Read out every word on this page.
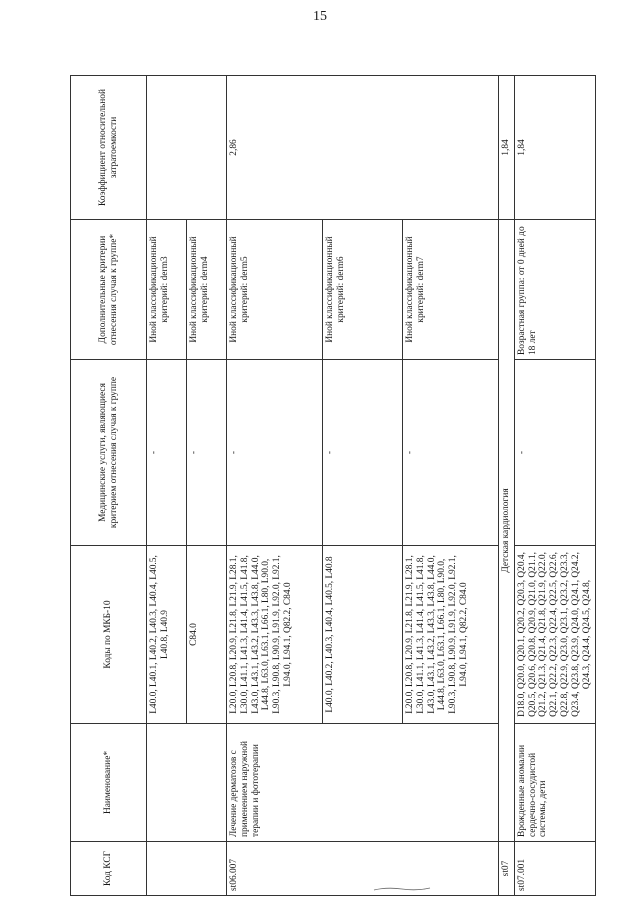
15
Код КСГ	Наименование*	Коды по МКБ-10	Медицинские услуги, являющиеся критерием отнесения случая к группе	Дополнительные критерии отнесения случая к группе*	Коэффициент относительной затратоемкости
		L40.0, L40.1, L40.2, L40.3, L40.4, L40.5, L40.8, L40.9	-	Иной классификационный критерий: derm3	
		C84.0	-	Иной классификационный критерий: derm4	
st06.007	Лечение дерматозов с применением наружной терапии и фототерапии	L20.0, L20.8, L20.9, L21.8, L21.9, L28.1, L30.0, L41.1, L41.3, L41.4, L41.5, L41.8, L43.0, L43.1, L43.2, L43.3, L43.8, L44.0, L44.8, L63.0, L63.1, L66.1, L80, L90.0, L90.3, L90.8, L90.9, L91.9, L92.0, L92.1, L94.0, L94.1, Q82.2, C84.0	-	Иной классификационный критерий: derm5	2,86
		L40.0, L40.2, L40.3, L40.4, L40.5, L40.8	-	Иной классификационный критерий: derm6	
		L20.0, L20.8, L20.9, L21.8, L21.9, L28.1, L30.0, L41.1, L41.3, L41.4, L41.5, L41.8, L43.0, L43.1, L43.2, L43.3, L43.8, L44.0, L44.8, L63.0, L63.1, L66.1, L80, L90.0, L90.3, L90.8, L90.9, L91.9, L92.0, L92.1, L94.0, L94.1, Q82.2, C84.0	-	Иной классификационный критерий: derm7	
st07	Детская кардиология				1,84
st07.001	Врожденные аномалии сердечно-сосудистой системы, дети	D18.0, Q20.0, Q20.1, Q20.2, Q20.3, Q20.4, Q20.5, Q20.6, Q20.8, Q20.9, Q21.0, Q21.1, Q21.2, Q21.3, Q21.4, Q21.8, Q21.9, Q22.0, Q22.1, Q22.2, Q22.3, Q22.4, Q22.5, Q22.6, Q22.8, Q22.9, Q23.0, Q23.1, Q23.2, Q23.3, Q23.4, Q23.8, Q23.9, Q24.0, Q24.1, Q24.2, Q24.3, Q24.4, Q24.5, Q24.8,	-	Возрастная группа: от 0 дней до 18 лет	1,84
